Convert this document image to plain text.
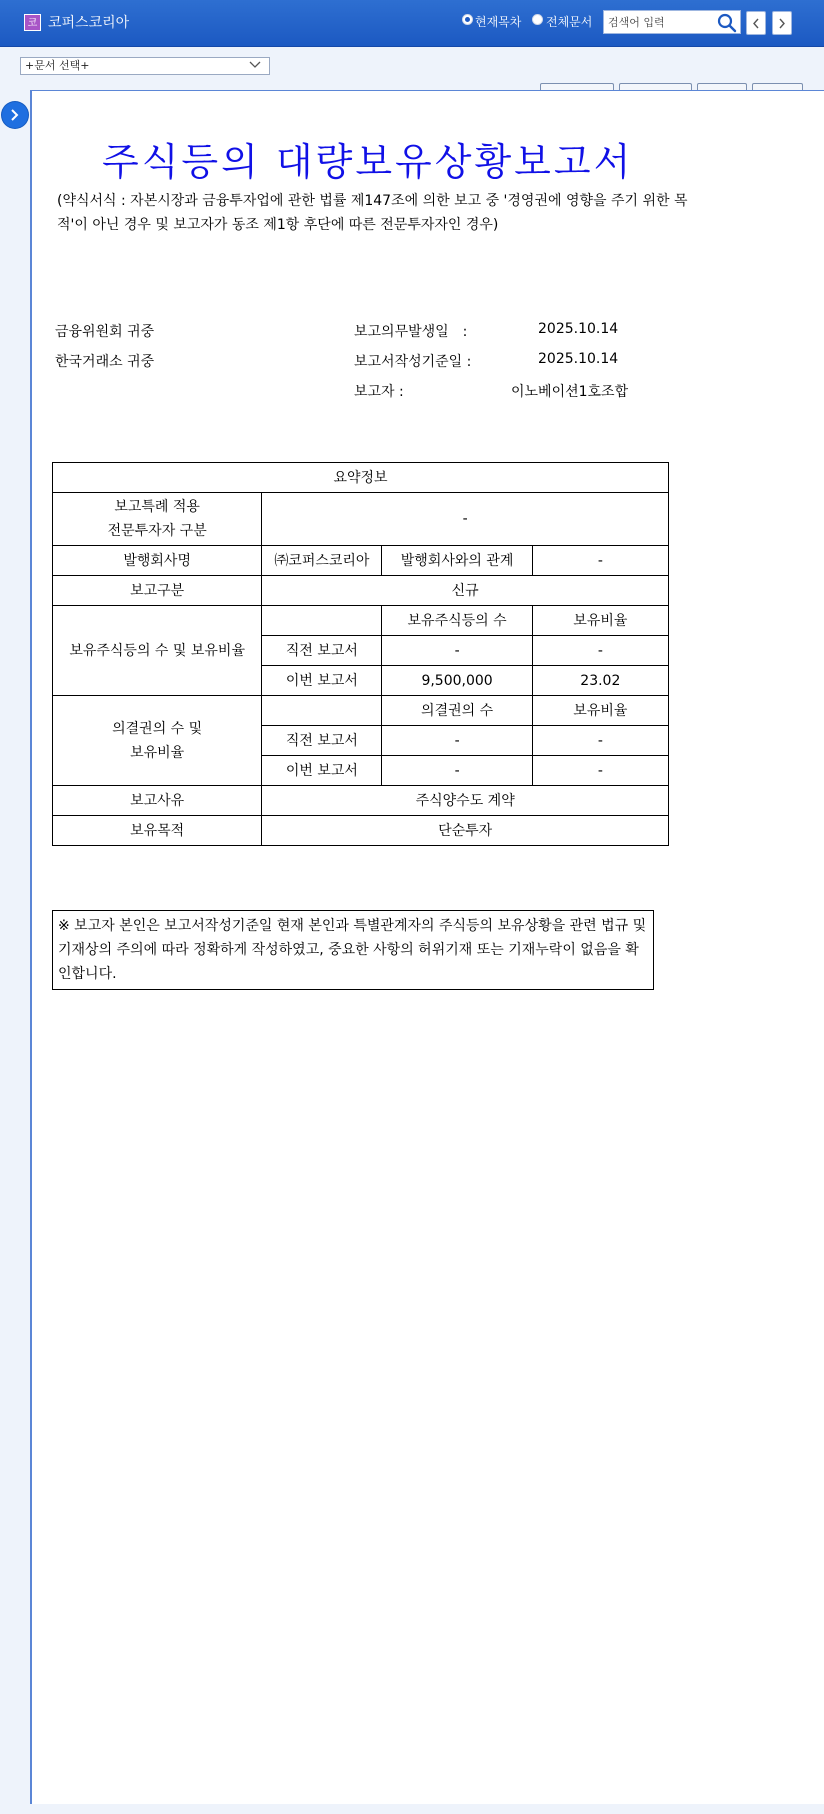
코 코퍼스코리아	현재목차 전체문서
검색어 입력
+문서 선택+
주식등의 대량보유상황보고서
(약식서식 : 자본시장과 금융투자업에 관한 법률 제147조에 의한 보고 중 '경영권에 영향을 주기 위한 목적'이 아닌 경우 및 보고자가 동조 제1항 후단에 따른 전문투자자인 경우)
금융위원회 귀중
한국거래소 귀중
보고의무발생일　:	2025.10.14
보고서작성기준일 :	2025.10.14
보고자 :	이노베이션1호조합
요약정보			
보고특례 적용
전문투자자 구분	-		
발행회사명	㈜코퍼스코리아	발행회사와의 관계	-
보고구분	신규		
보유주식등의 수 및 보유비율		보유주식등의 수	보유비율
	직전 보고서	-	-
	이번 보고서	9,500,000	23.02
의결권의 수 및
보유비율		의결권의 수	보유비율
	직전 보고서	-	-
	이번 보고서	-	-
보고사유	주식양수도 계약		
보유목적	단순투자		
※ 보고자 본인은 보고서작성기준일 현재 본인과 특별관계자의 주식등의 보유상황을 관련 법규 및 기재상의 주의에 따라 정확하게 작성하였고, 중요한 사항의 허위기재 또는 기재누락이 없음을 확인합니다.
